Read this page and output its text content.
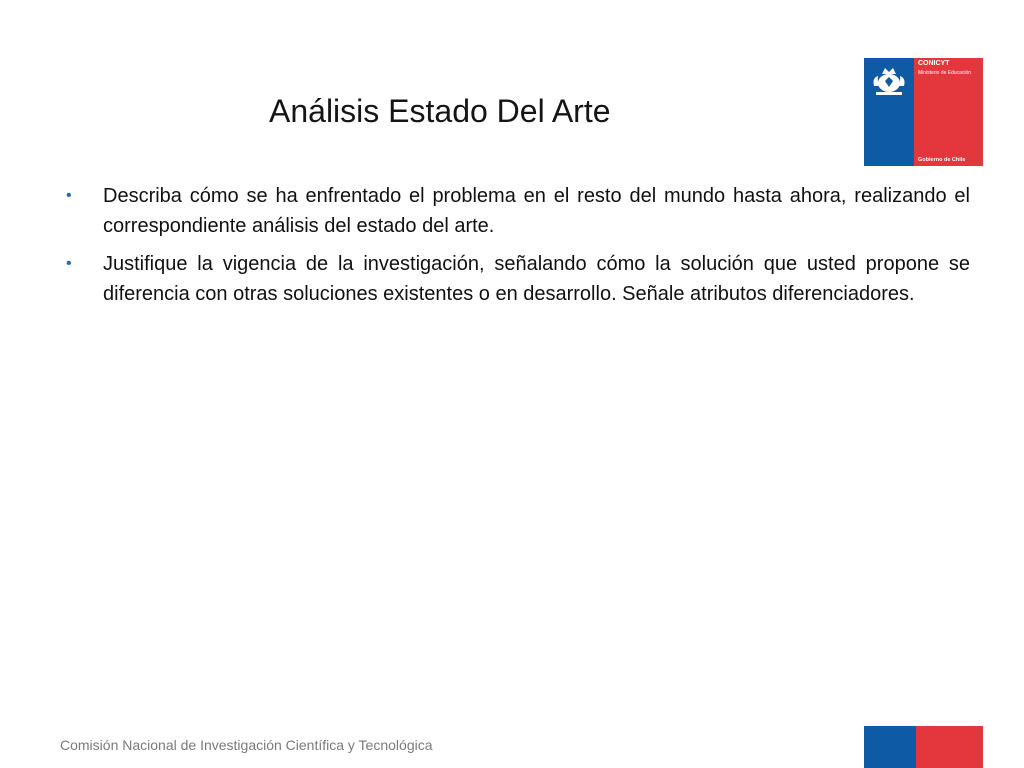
Análisis Estado Del Arte
CONICYT
Ministerio de Educación
Gobierno de Chile
• Describa cómo se ha enfrentado el problema en el resto del mundo hasta ahora, realizando el correspondiente análisis del estado del arte.
• Justifique la vigencia de la investigación, señalando cómo la solución que usted propone se diferencia con otras soluciones existentes o en desarrollo. Señale atributos diferenciadores.
Comisión Nacional de Investigación Científica y Tecnológica
